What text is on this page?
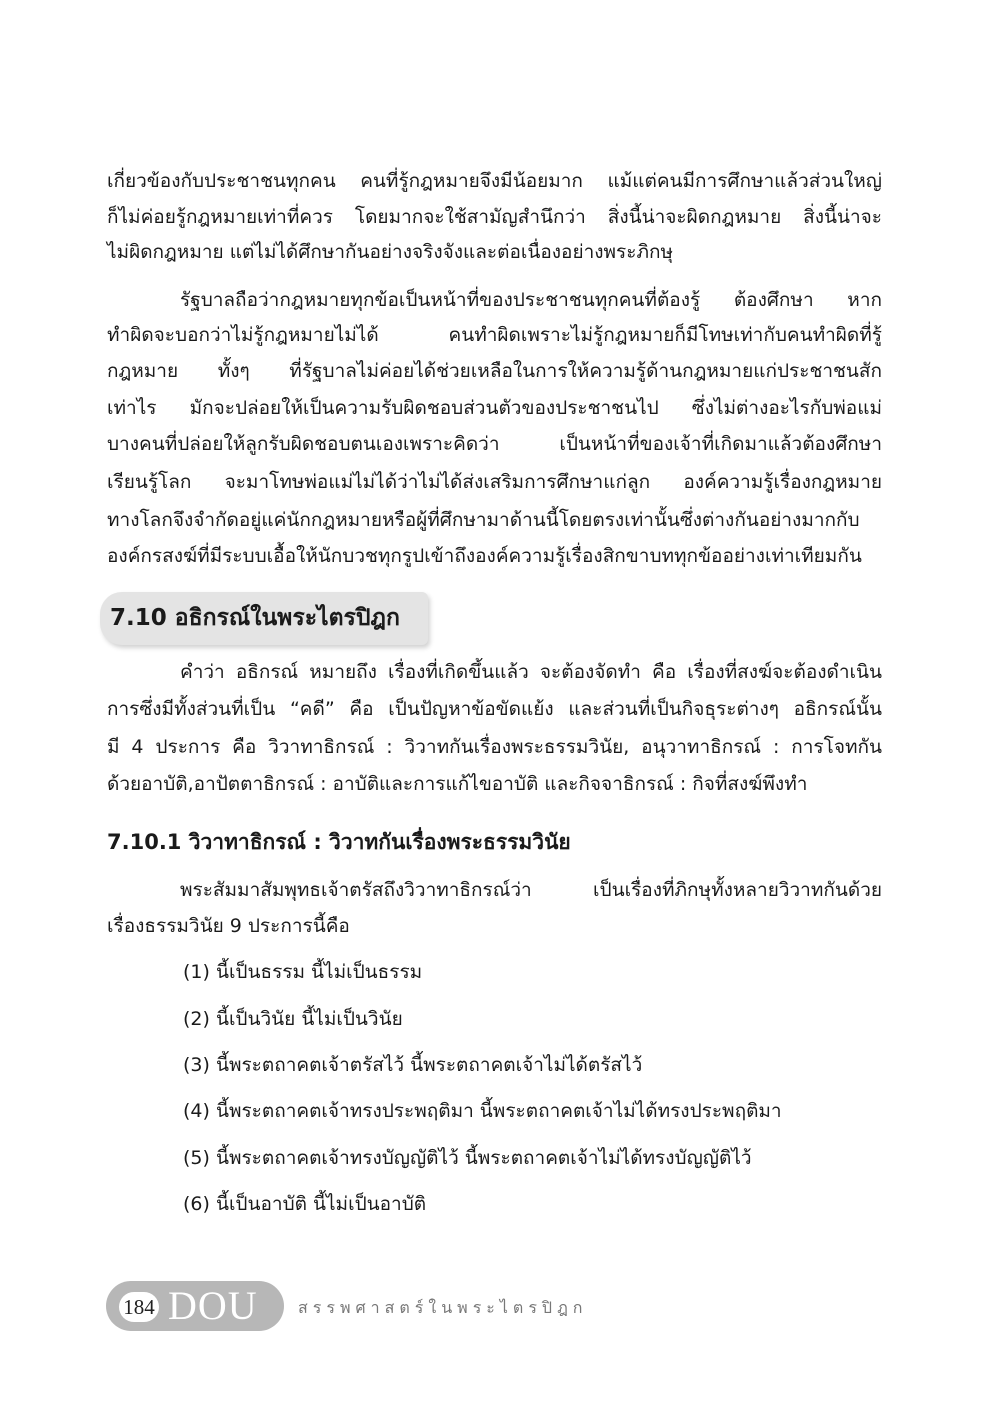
เกี่ยวข้องกับประชาชนทุกคน คนที่รู้กฎหมายจึงมีน้อยมาก แม้แต่คนมีการศึกษาแล้วส่วนใหญ่
ก็ไม่ค่อยรู้กฎหมายเท่าที่ควร โดยมากจะใช้สามัญสำนึกว่า สิ่งนี้น่าจะผิดกฎหมาย สิ่งนี้น่าจะ
ไม่ผิดกฎหมาย แต่ไม่ได้ศึกษากันอย่างจริงจังและต่อเนื่องอย่างพระภิกษุ
รัฐบาลถือว่ากฎหมายทุกข้อเป็นหน้าที่ของประชาชนทุกคนที่ต้องรู้ ต้องศึกษา หาก
ทำผิดจะบอกว่าไม่รู้กฎหมายไม่ได้ คนทำผิดเพราะไม่รู้กฎหมายก็มีโทษเท่ากับคนทำผิดที่รู้
กฎหมาย ทั้งๆ ที่รัฐบาลไม่ค่อยได้ช่วยเหลือในการให้ความรู้ด้านกฎหมายแก่ประชาชนสัก
เท่าไร มักจะปล่อยให้เป็นความรับผิดชอบส่วนตัวของประชาชนไป ซึ่งไม่ต่างอะไรกับพ่อแม่
บางคนที่ปล่อยให้ลูกรับผิดชอบตนเองเพราะคิดว่า เป็นหน้าที่ของเจ้าที่เกิดมาแล้วต้องศึกษา
เรียนรู้โลก จะมาโทษพ่อแม่ไม่ได้ว่าไม่ได้ส่งเสริมการศึกษาแก่ลูก องค์ความรู้เรื่องกฎหมาย
ทางโลกจึงจำกัดอยู่แค่นักกฎหมายหรือผู้ที่ศึกษามาด้านนี้โดยตรงเท่านั้นซึ่งต่างกันอย่างมากกับ
องค์กรสงฆ์ที่มีระบบเอื้อให้นักบวชทุกรูปเข้าถึงองค์ความรู้เรื่องสิกขาบททุกข้ออย่างเท่าเทียมกัน
7.10 อธิกรณ์ในพระไตรปิฎก
คำว่า อธิกรณ์ หมายถึง เรื่องที่เกิดขึ้นแล้ว จะต้องจัดทำ คือ เรื่องที่สงฆ์จะต้องดำเนิน
การซึ่งมีทั้งส่วนที่เป็น “คดี” คือ เป็นปัญหาข้อขัดแย้ง และส่วนที่เป็นกิจธุระต่างๆ อธิกรณ์นั้น
มี 4 ประการ คือ วิวาทาธิกรณ์ : วิวาทกันเรื่องพระธรรมวินัย, อนุวาทาธิกรณ์ : การโจทกัน
ด้วยอาบัติ,อาปัตตาธิกรณ์ : อาบัติและการแก้ไขอาบัติ และกิจจาธิกรณ์ : กิจที่สงฆ์พึงทำ
7.10.1 วิวาทาธิกรณ์ : วิวาทกันเรื่องพระธรรมวินัย
พระสัมมาสัมพุทธเจ้าตรัสถึงวิวาทาธิกรณ์ว่า เป็นเรื่องที่ภิกษุทั้งหลายวิวาทกันด้วย
เรื่องธรรมวินัย 9 ประการนี้คือ
(1) นี้เป็นธรรม นี้ไม่เป็นธรรม
(2) นี้เป็นวินัย นี้ไม่เป็นวินัย
(3) นี้พระตถาคตเจ้าตรัสไว้ นี้พระตถาคตเจ้าไม่ได้ตรัสไว้
(4) นี้พระตถาคตเจ้าทรงประพฤติมา นี้พระตถาคตเจ้าไม่ได้ทรงประพฤติมา
(5) นี้พระตถาคตเจ้าทรงบัญญัติไว้ นี้พระตถาคตเจ้าไม่ได้ทรงบัญญัติไว้
(6) นี้เป็นอาบัติ นี้ไม่เป็นอาบัติ
184 DOU	สรรพศาสตร์ในพระไตรปิฎก
